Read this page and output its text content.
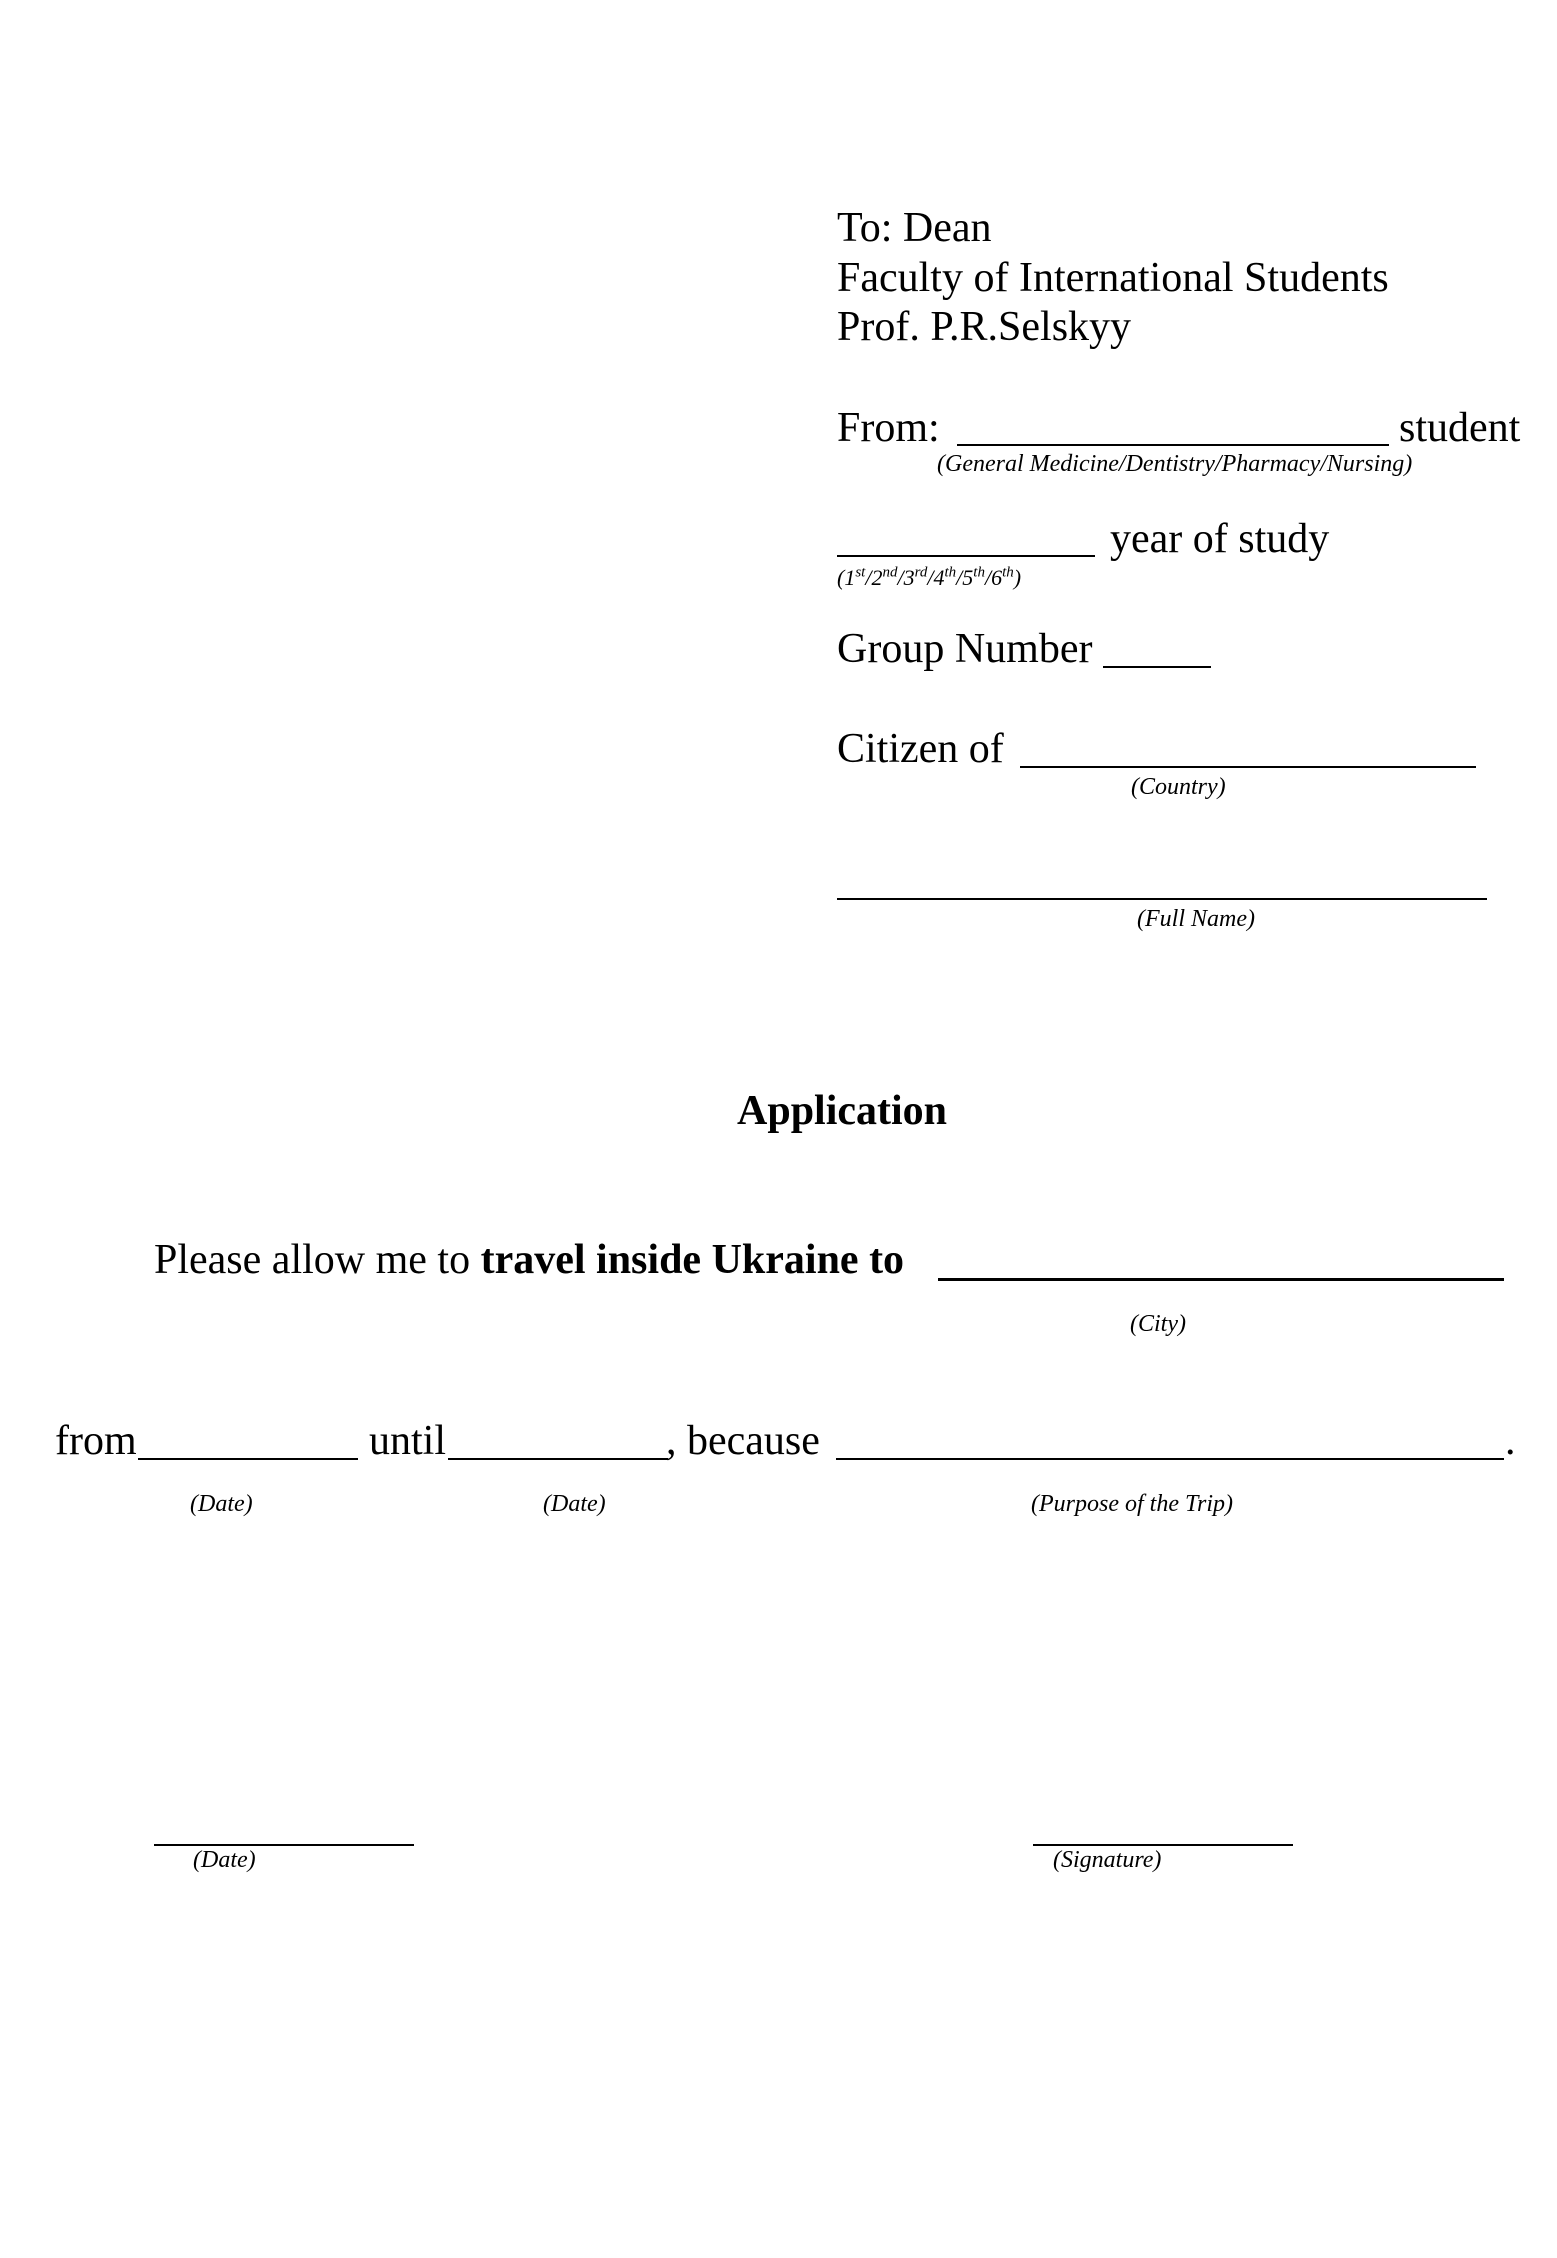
To: Dean
Faculty of International Students
Prof. P.R.Selskyy
From:	student
(General Medicine/Dentistry/Pharmacy/Nursing)
year of study
(1st/2nd/3rd/4th/5th/6th)
Group Number
Citizen of
(Country)
(Full Name)
Application
Please allow me to travel inside Ukraine to
(City)
from	until	, because	.
(Date)	(Date)	(Purpose of the Trip)
(Date)	(Signature)
